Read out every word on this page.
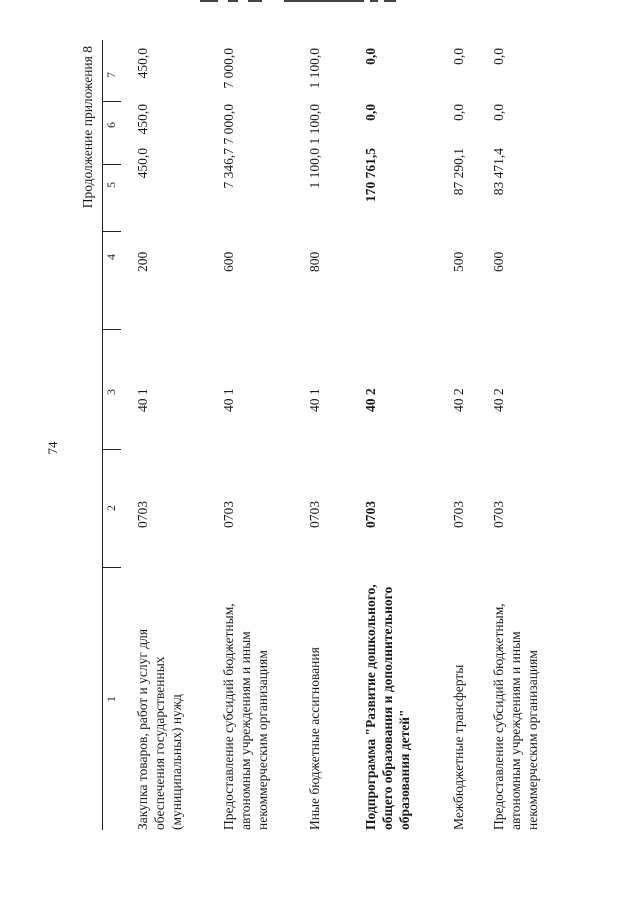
74
Продолжение приложения 8
1
2
3
4
5
6
7
Закупка товаров, работ и услуг для обеспечения государственных (муниципальных) нужд
0703
40 1
200
450,0
450,0
450,0
Предоставление субсидий бюджетным, автономным учреждениям и иным некоммерческим организациям
0703
40 1
600
7 346,7
7 000,0
7 000,0
Иные бюджетные ассигнования
0703
40 1
800
1 100,0
1 100,0
1 100,0
Подпрограмма "Развитие дошкольного, общего образования и дополнительного образования детей"
0703
40 2
170 761,5
0,0
0,0
Межбюджетные трансферты
0703
40 2
500
87 290,1
0,0
0,0
Предоставление субсидий бюджетным, автономным учреждениям и иным некоммерческим организациям
0703
40 2
600
83 471,4
0,0
0,0
